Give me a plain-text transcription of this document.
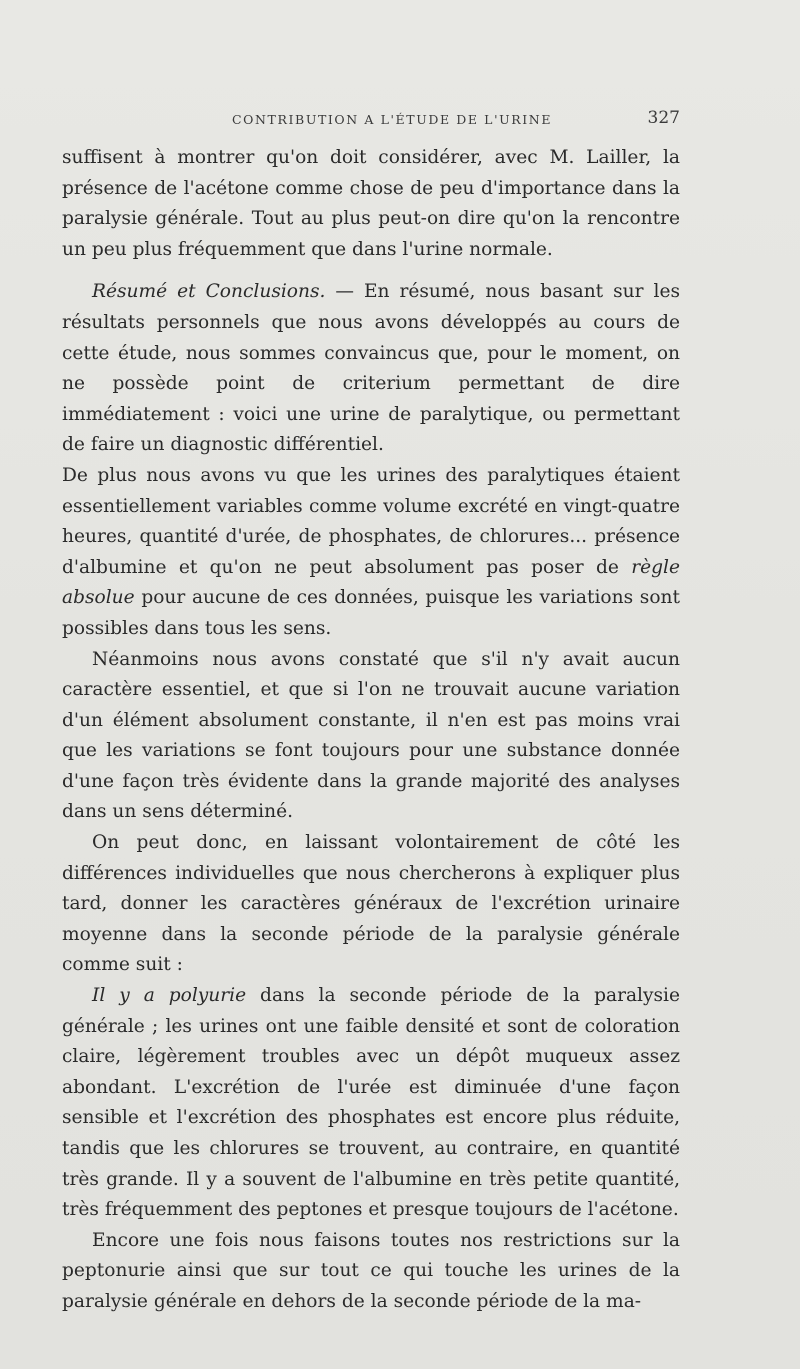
CONTRIBUTION A L'ÉTUDE DE L'URINE	327

suffisent à montrer qu'on doit considérer, avec M. Lailler, la présence de l'acétone comme chose de peu d'importance dans la paralysie générale. Tout au plus peut-on dire qu'on la rencontre un peu plus fréquemment que dans l'urine normale.

Résumé et Conclusions. — En résumé, nous basant sur les résultats personnels que nous avons développés au cours de cette étude, nous sommes convaincus que, pour le moment, on ne possède point de criterium permettant de dire immédiatement : voici une urine de paralytique, ou permettant de faire un diagnostic différentiel.

De plus nous avons vu que les urines des paralytiques étaient essentiellement variables comme volume excrété en vingt-quatre heures, quantité d'urée, de phosphates, de chlorures... présence d'albumine et qu'on ne peut absolument pas poser de règle absolue pour aucune de ces données, puisque les variations sont possibles dans tous les sens.

Néanmoins nous avons constaté que s'il n'y avait aucun caractère essentiel, et que si l'on ne trouvait aucune variation d'un élément absolument constante, il n'en est pas moins vrai que les variations se font toujours pour une substance donnée d'une façon très évidente dans la grande majorité des analyses dans un sens déterminé.

On peut donc, en laissant volontairement de côté les différences individuelles que nous chercherons à expliquer plus tard, donner les caractères généraux de l'excrétion urinaire moyenne dans la seconde période de la paralysie générale comme suit :

Il y a polyurie dans la seconde période de la paralysie générale ; les urines ont une faible densité et sont de coloration claire, légèrement troubles avec un dépôt muqueux assez abondant. L'excrétion de l'urée est diminuée d'une façon sensible et l'excrétion des phosphates est encore plus réduite, tandis que les chlorures se trouvent, au contraire, en quantité très grande. Il y a souvent de l'albumine en très petite quantité, très fréquemment des peptones et presque toujours de l'acétone.

Encore une fois nous faisons toutes nos restrictions sur la peptonurie ainsi que sur tout ce qui touche les urines de la paralysie générale en dehors de la seconde période de la ma-
